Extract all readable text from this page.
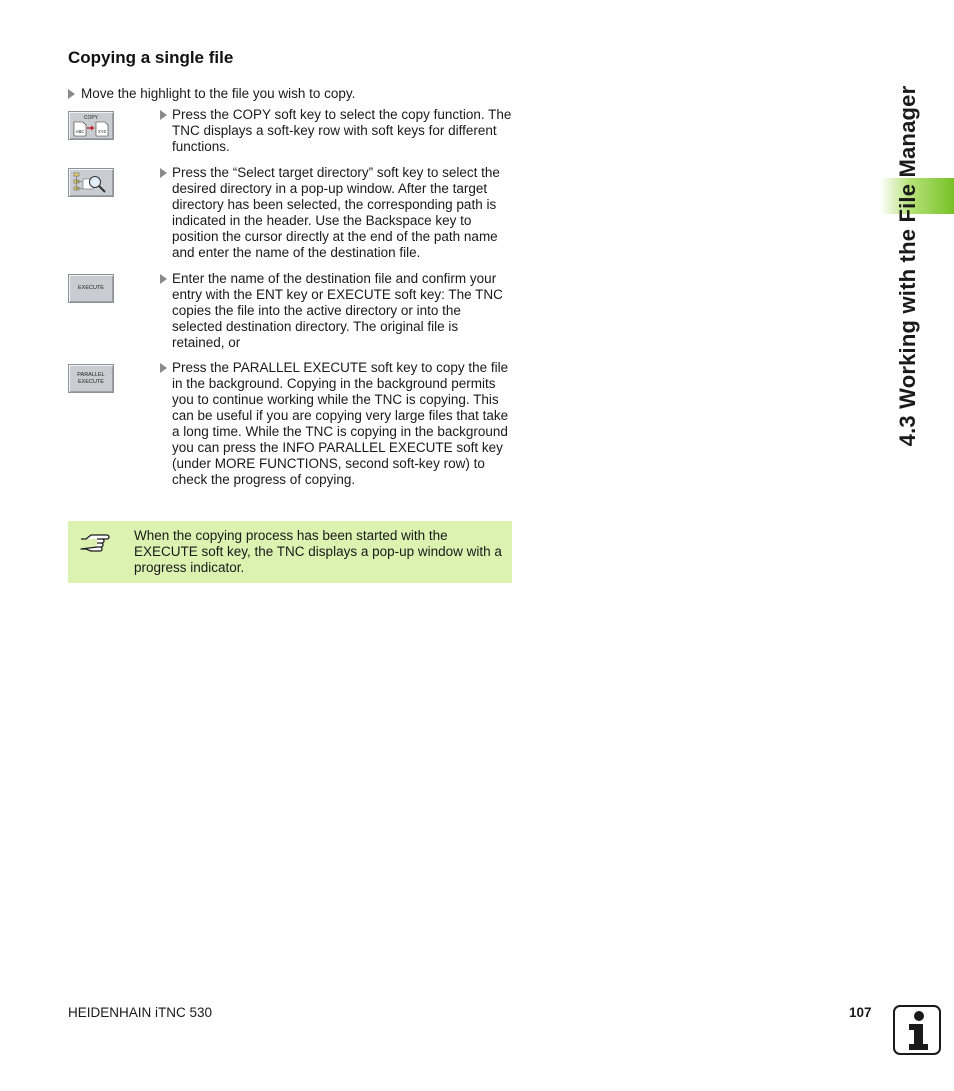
Copying a single file
Move the highlight to the file you wish to copy.
COPY
ABC	XYZ
Press the COPY soft key to select the copy function. The TNC displays a soft-key row with soft keys for different functions.
Press the “Select target directory” soft key to select the desired directory in a pop-up window. After the target directory has been selected, the corresponding path is indicated in the header. Use the Backspace key to position the cursor directly at the end of the path name and enter the name of the destination file.
EXECUTE
Enter the name of the destination file and confirm your entry with the ENT key or EXECUTE soft key: The TNC copies the file into the active directory or into the selected destination directory. The original file is retained, or
PARALLEL
EXECUTE
Press the PARALLEL EXECUTE soft key to copy the file in the background. Copying in the background permits you to continue working while the TNC is copying. This can be useful if you are copying very large files that take a long time. While the TNC is copying in the background you can press the INFO PARALLEL EXECUTE soft key (under MORE FUNCTIONS, second soft-key row) to check the progress of copying.
When the copying process has been started with the EXECUTE soft key, the TNC displays a pop-up window with a progress indicator.
4.3 Working with the File Manager
HEIDENHAIN iTNC 530	107
